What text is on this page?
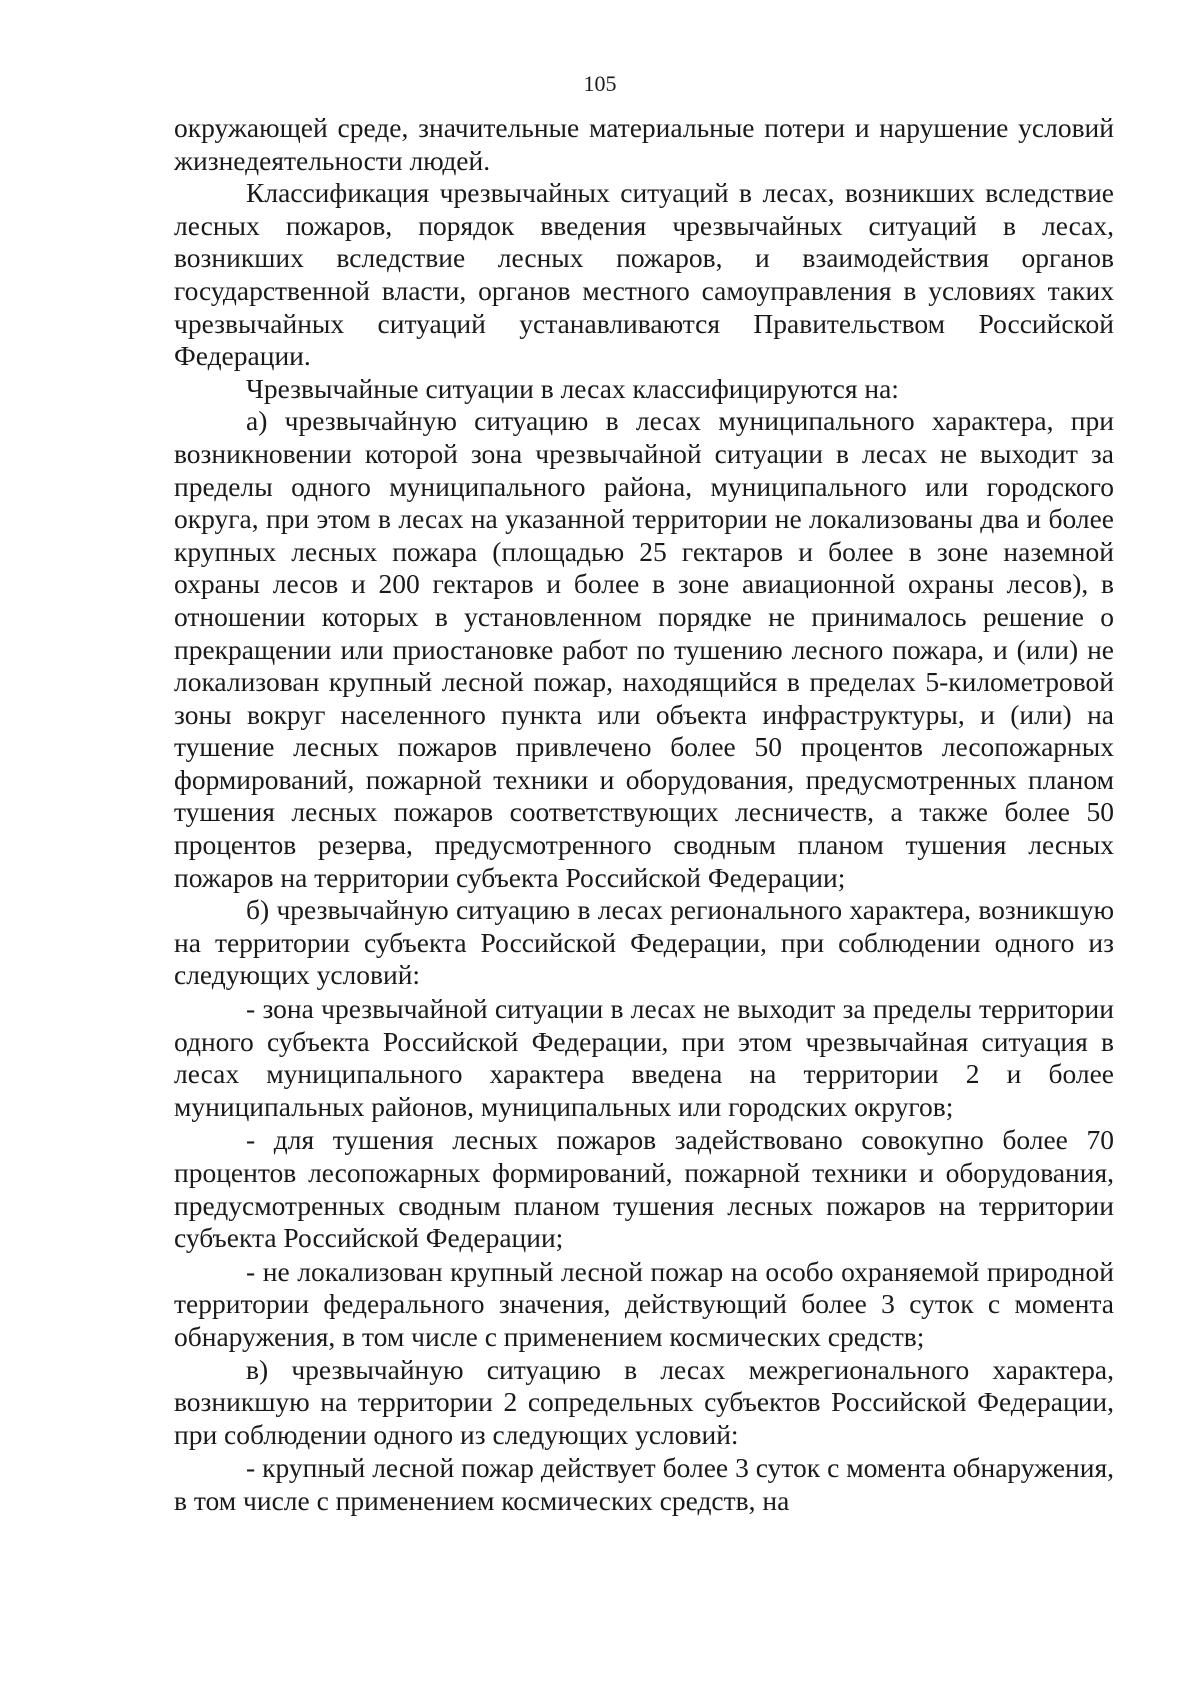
105

окружающей среде, значительные материальные потери и нарушение условий жизнедеятельности людей.

Классификация чрезвычайных ситуаций в лесах, возникших вследствие лесных пожаров, порядок введения чрезвычайных ситуаций в лесах, возникших вследствие лесных пожаров, и взаимодействия органов государственной власти, органов местного самоуправления в условиях таких чрезвычайных ситуаций устанавливаются Правительством Российской Федерации.

Чрезвычайные ситуации в лесах классифицируются на:

а) чрезвычайную ситуацию в лесах муниципального характера, при возникновении которой зона чрезвычайной ситуации в лесах не выходит за пределы одного муниципального района, муниципального или городского округа, при этом в лесах на указанной территории не локализованы два и более крупных лесных пожара (площадью 25 гектаров и более в зоне наземной охраны лесов и 200 гектаров и более в зоне авиационной охраны лесов), в отношении которых в установленном порядке не принималось решение о прекращении или приостановке работ по тушению лесного пожара, и (или) не локализован крупный лесной пожар, находящийся в пределах 5-километровой зоны вокруг населенного пункта или объекта инфраструктуры, и (или) на тушение лесных пожаров привлечено более 50 процентов лесопожарных формирований, пожарной техники и оборудования, предусмотренных планом тушения лесных пожаров соответствующих лесничеств, а также более 50 процентов резерва, предусмотренного сводным планом тушения лесных пожаров на территории субъекта Российской Федерации;

б) чрезвычайную ситуацию в лесах регионального характера, возникшую на территории субъекта Российской Федерации, при соблюдении одного из следующих условий:

- зона чрезвычайной ситуации в лесах не выходит за пределы территории одного субъекта Российской Федерации, при этом чрезвычайная ситуация в лесах муниципального характера введена на территории 2 и более муниципальных районов, муниципальных или городских округов;

- для тушения лесных пожаров задействовано совокупно более 70 процентов лесопожарных формирований, пожарной техники и оборудования, предусмотренных сводным планом тушения лесных пожаров на территории субъекта Российской Федерации;

- не локализован крупный лесной пожар на особо охраняемой природной территории федерального значения, действующий более 3 суток с момента обнаружения, в том числе с применением космических средств;

в) чрезвычайную ситуацию в лесах межрегионального характера, возникшую на территории 2 сопредельных субъектов Российской Федерации, при соблюдении одного из следующих условий:

- крупный лесной пожар действует более 3 суток с момента обнаружения, в том числе с применением космических средств, на
